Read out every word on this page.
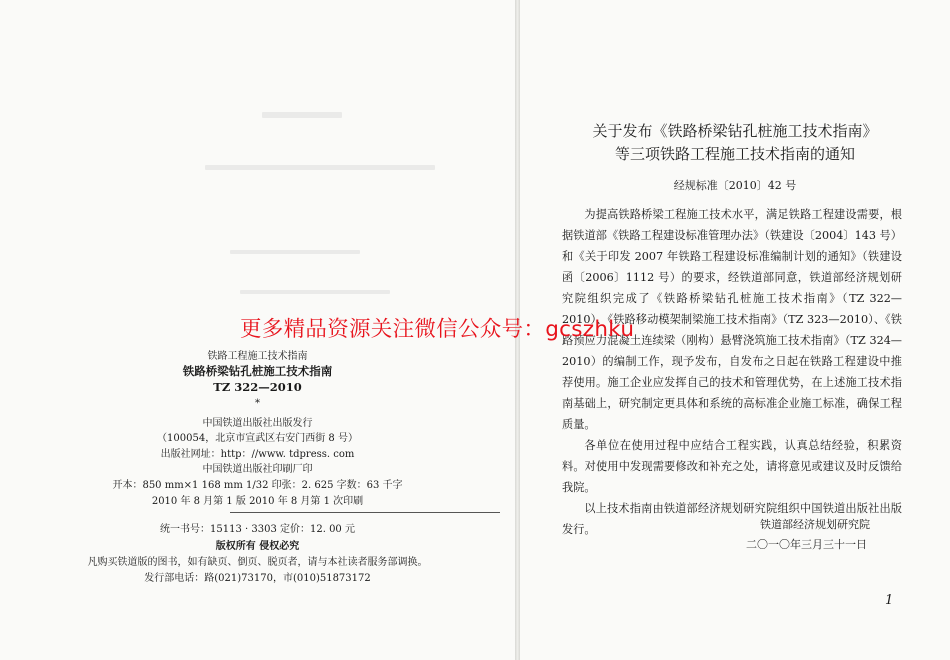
铁路工程施工技术指南
铁路桥梁钻孔桩施工技术指南
TZ 322—2010
*
中国铁道出版社出版发行
（100054，北京市宣武区右安门西街 8 号）
出版社网址：http：//www. tdpress. com
中国铁道出版社印刷厂印
开本：850 mm×1 168 mm 1/32 印张：2. 625 字数：63 千字
2010 年 8 月第 1 版 2010 年 8 月第 1 次印刷
统一书号：15113 · 3303 定价：12. 00 元
版权所有 侵权必究
凡购买铁道版的图书，如有缺页、倒页、脱页者，请与本社读者服务部调换。
发行部电话：路(021)73170，市(010)51873172
关于发布《铁路桥梁钻孔桩施工技术指南》
等三项铁路工程施工技术指南的通知
经规标准〔2010〕42 号

为提高铁路桥梁工程施工技术水平，满足铁路工程建设需要，根据铁道部《铁路工程建设标准管理办法》（铁建设〔2004〕143 号）和《关于印发 2007 年铁路工程建设标准编制计划的通知》（铁建设函〔2006〕1112 号）的要求，经铁道部同意，铁道部经济规划研究院组织完成了《铁路桥梁钻孔桩施工技术指南》（TZ 322—2010）、《铁路移动模架制梁施工技术指南》（TZ 323—2010）、《铁路预应力混凝土连续梁（刚构）悬臂浇筑施工技术指南》（TZ 324—2010）的编制工作，现予发布，自发布之日起在铁路工程建设中推荐使用。施工企业应发挥自己的技术和管理优势，在上述施工技术指南基础上，研究制定更具体和系统的高标准企业施工标准，确保工程质量。

各单位在使用过程中应结合工程实践，认真总结经验，积累资料。对使用中发现需要修改和补充之处，请将意见或建议及时反馈给我院。

以上技术指南由铁道部经济规划研究院组织中国铁道出版社出版发行。	铁道部经济规划研究院
二〇一〇年三月三十一日
1
更多精品资源关注微信公众号：gcszhku
